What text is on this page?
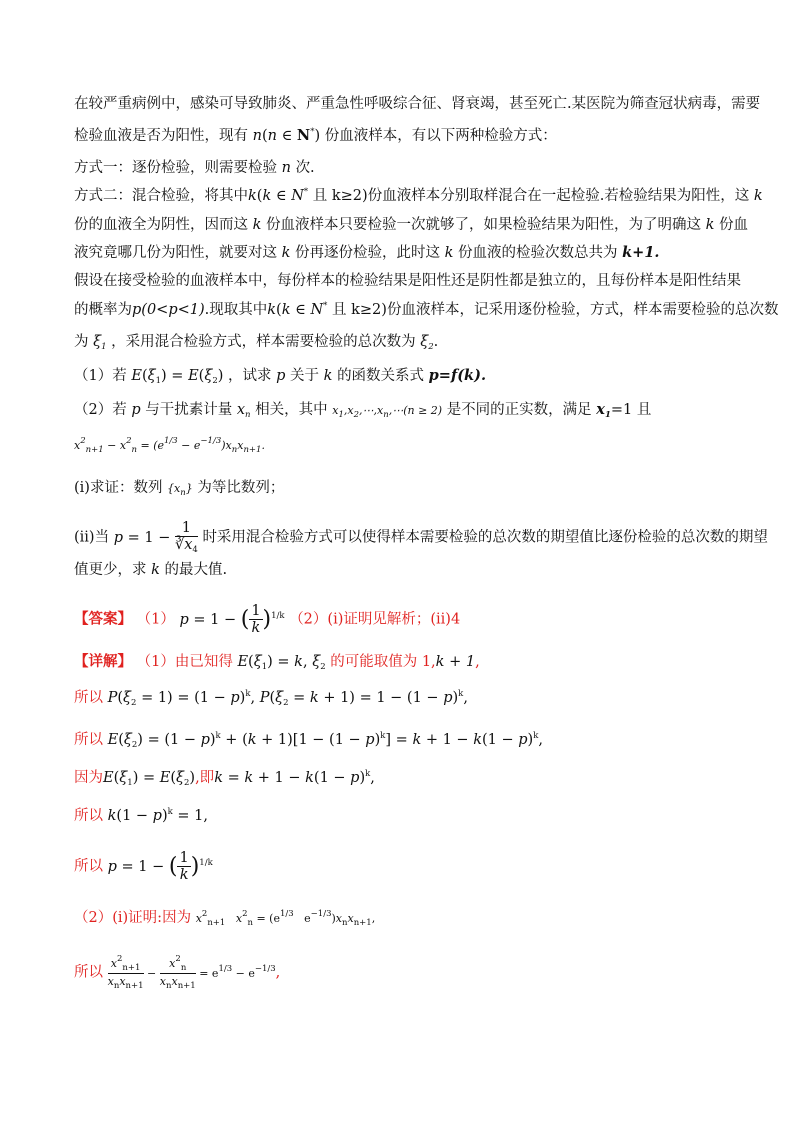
在较严重病例中，感染可导致肺炎、严重急性呼吸综合征、肾衰竭，甚至死亡.某医院为筛查冠状病毒，需要
检验血液是否为阳性，现有 n(n ∈ N*) 份血液样本，有以下两种检验方式：
方式一：逐份检验，则需要检验 n 次.
方式二：混合检验，将其中k(k ∈ N* 且 k≥2)份血液样本分别取样混合在一起检验.若检验结果为阳性，这 k
份的血液全为阴性，因而这 k 份血液样本只要检验一次就够了，如果检验结果为阳性，为了明确这 k 份血
液究竟哪几份为阳性，就要对这 k 份再逐份检验，此时这 k 份血液的检验次数总共为 k+1.
假设在接受检验的血液样本中，每份样本的检验结果是阳性还是阴性都是独立的，且每份样本是阳性结果
的概率为p(0<p<1).现取其中k(k ∈ N* 且 k≥2)份血液样本，记采用逐份检验，方式，样本需要检验的总次数
为 $\xi_1$ ，采用混合检验方式，样本需要检验的总次数为 $\xi_2$.
（1）若 $E(\xi_1) = E(\xi_2)$ ，试求 p 关于 k 的函数关系式 p=f(k).
（2）若 p 与干扰素计量 $x_n$ 相关，其中 $x_1,x_2,\cdots,x_n,\cdots(n \ge 2)$ 是不同的正实数，满足 $x_1=1$ 且
$x^2_{n+1} - x^2_n = (e^{1/3} - e^{-1/3})x_nx_{n+1}$.
(i)求证：数列 $\{x_n\}$ 为等比数列；
(ii)当 $p = 1 - \frac{1}{∛x_4}$ 时采用混合检验方式可以使得样本需要检验的总次数的期望值比逐份检验的总次数的期望
值更少，求 k 的最大值.
【答案】 （1） p = 1 − ( $\frac{1}{k} )^{1/k}$ （2）(i)证明见解析；(ii)4
【详解】 （1）由已知得 $E(\xi_1) = k$, $\xi_2$ 的可能取值为 1,k + 1,
所以 $P(\xi_2 = 1) = (1 - p)^k$, $P(\xi_2 = k + 1) = 1 - (1 - p)^k$,
所以 $E(\xi_2) = (1 - p)^k + (k + 1)[1 - (1 - p)^k] = k + 1 - k(1 - p)^k$,
因为$E(\xi_1) = E(\xi_2)$,即$k = k + 1 - k(1 - p)^k$,
所以 $k(1 - p)^k = 1$,
所以 p = 1 − ( $\frac{1}{k} )^{1/k}$
（2）(i)证明:因为 $x^2_{n+1}$ $x^2_n = (e^{1/3}$   $e^{-1/3})x_nx_{n+1}$,
所以 $\frac{x^2_{n+1}}{x_nx_{n+1}} - \frac{x^2_n}{x_nx_{n+1}} = e^{1/3} - e^{-1/3}$,
